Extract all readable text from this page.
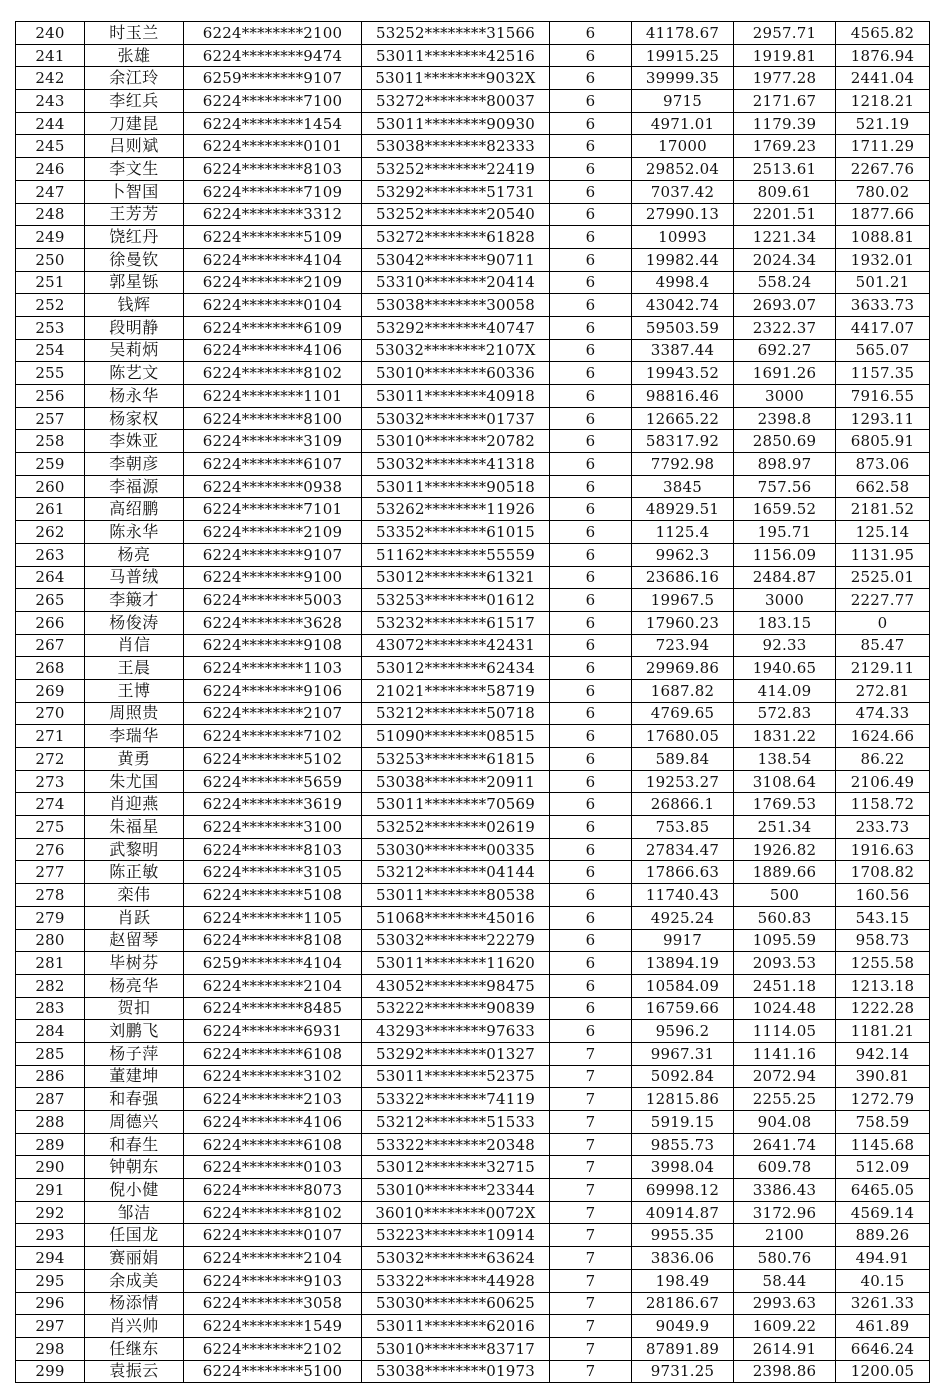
240	时玉兰	6224********2100	53252********31566	6	41178.67	2957.71	4565.82
241	张雄	6224********9474	53011********42516	6	19915.25	1919.81	1876.94
242	余江玲	6259********9107	53011********9032X	6	39999.35	1977.28	2441.04
243	李红兵	6224********7100	53272********80037	6	9715	2171.67	1218.21
244	刀建昆	6224********1454	53011********90930	6	4971.01	1179.39	521.19
245	吕则斌	6224********0101	53038********82333	6	17000	1769.23	1711.29
246	李文生	6224********8103	53252********22419	6	29852.04	2513.61	2267.76
247	卜智国	6224********7109	53292********51731	6	7037.42	809.61	780.02
248	王芳芳	6224********3312	53252********20540	6	27990.13	2201.51	1877.66
249	饶红丹	6224********5109	53272********61828	6	10993	1221.34	1088.81
250	徐曼钦	6224********4104	53042********90711	6	19982.44	2024.34	1932.01
251	郭星铄	6224********2109	53310********20414	6	4998.4	558.24	501.21
252	钱辉	6224********0104	53038********30058	6	43042.74	2693.07	3633.73
253	段明静	6224********6109	53292********40747	6	59503.59	2322.37	4417.07
254	吴莉炳	6224********4106	53032********2107X	6	3387.44	692.27	565.07
255	陈艺文	6224********8102	53010********60336	6	19943.52	1691.26	1157.35
256	杨永华	6224********1101	53011********40918	6	98816.46	3000	7916.55
257	杨家权	6224********8100	53032********01737	6	12665.22	2398.8	1293.11
258	李姝亚	6224********3109	53010********20782	6	58317.92	2850.69	6805.91
259	李朝彦	6224********6107	53032********41318	6	7792.98	898.97	873.06
260	李福源	6224********0938	53011********90518	6	3845	757.56	662.58
261	高绍鹏	6224********7101	53262********11926	6	48929.51	1659.52	2181.52
262	陈永华	6224********2109	53352********61015	6	1125.4	195.71	125.14
263	杨亮	6224********9107	51162********55559	6	9962.3	1156.09	1131.95
264	马普绒	6224********9100	53012********61321	6	23686.16	2484.87	2525.01
265	李簸才	6224********5003	53253********01612	6	19967.5	3000	2227.77
266	杨俊涛	6224********3628	53232********61517	6	17960.23	183.15	0
267	肖信	6224********9108	43072********42431	6	723.94	92.33	85.47
268	王晨	6224********1103	53012********62434	6	29969.86	1940.65	2129.11
269	王博	6224********9106	21021********58719	6	1687.82	414.09	272.81
270	周照贵	6224********2107	53212********50718	6	4769.65	572.83	474.33
271	李瑞华	6224********7102	51090********08515	6	17680.05	1831.22	1624.66
272	黄勇	6224********5102	53253********61815	6	589.84	138.54	86.22
273	朱尤国	6224********5659	53038********20911	6	19253.27	3108.64	2106.49
274	肖迎燕	6224********3619	53011********70569	6	26866.1	1769.53	1158.72
275	朱福星	6224********3100	53252********02619	6	753.85	251.34	233.73
276	武黎明	6224********8103	53030********00335	6	27834.47	1926.82	1916.63
277	陈正敏	6224********3105	53212********04144	6	17866.63	1889.66	1708.82
278	栾伟	6224********5108	53011********80538	6	11740.43	500	160.56
279	肖跃	6224********1105	51068********45016	6	4925.24	560.83	543.15
280	赵留琴	6224********8108	53032********22279	6	9917	1095.59	958.73
281	毕树芬	6259********4104	53011********11620	6	13894.19	2093.53	1255.58
282	杨亮华	6224********2104	43052********98475	6	10584.09	2451.18	1213.18
283	贺扣	6224********8485	53222********90839	6	16759.66	1024.48	1222.28
284	刘鹏飞	6224********6931	43293********97633	6	9596.2	1114.05	1181.21
285	杨子萍	6224********6108	53292********01327	7	9967.31	1141.16	942.14
286	董建坤	6224********3102	53011********52375	7	5092.84	2072.94	390.81
287	和春强	6224********2103	53322********74119	7	12815.86	2255.25	1272.79
288	周德兴	6224********4106	53212********51533	7	5919.15	904.08	758.59
289	和春生	6224********6108	53322********20348	7	9855.73	2641.74	1145.68
290	钟朝东	6224********0103	53012********32715	7	3998.04	609.78	512.09
291	倪小健	6224********8073	53010********23344	7	69998.12	3386.43	6465.05
292	邹洁	6224********8102	36010********0072X	7	40914.87	3172.96	4569.14
293	任国龙	6224********0107	53223********10914	7	9955.35	2100	889.26
294	赛丽娟	6224********2104	53032********63624	7	3836.06	580.76	494.91
295	余成美	6224********9103	53322********44928	7	198.49	58.44	40.15
296	杨添情	6224********3058	53030********60625	7	28186.67	2993.63	3261.33
297	肖兴帅	6224********1549	53011********62016	7	9049.9	1609.22	461.89
298	任继东	6224********2102	53010********83717	7	87891.89	2614.91	6646.24
299	袁振云	6224********5100	53038********01973	7	9731.25	2398.86	1200.05
